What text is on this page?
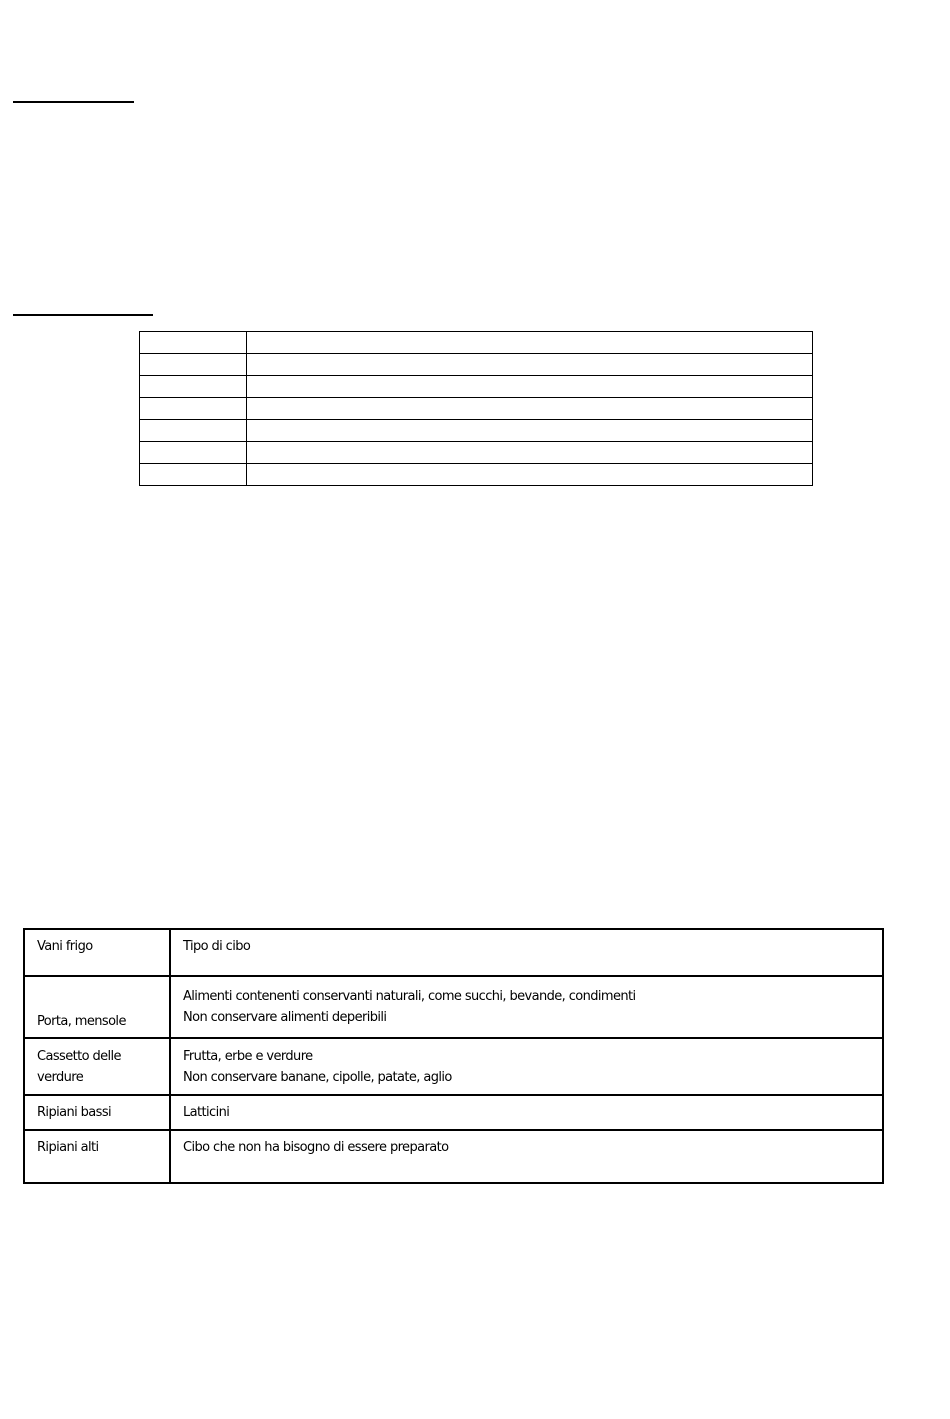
Vani frigo	Tipo di cibo

Porta, mensole	Alimenti contenenti conservanti naturali, come succhi, bevande, condimenti
Non conservare alimenti deperibili

Cassetto delle
verdure	Frutta, erbe e verdure
Non conservare banane, cipolle, patate, aglio

Ripiani bassi	Latticini

Ripiani alti	Cibo che non ha bisogno di essere preparato
